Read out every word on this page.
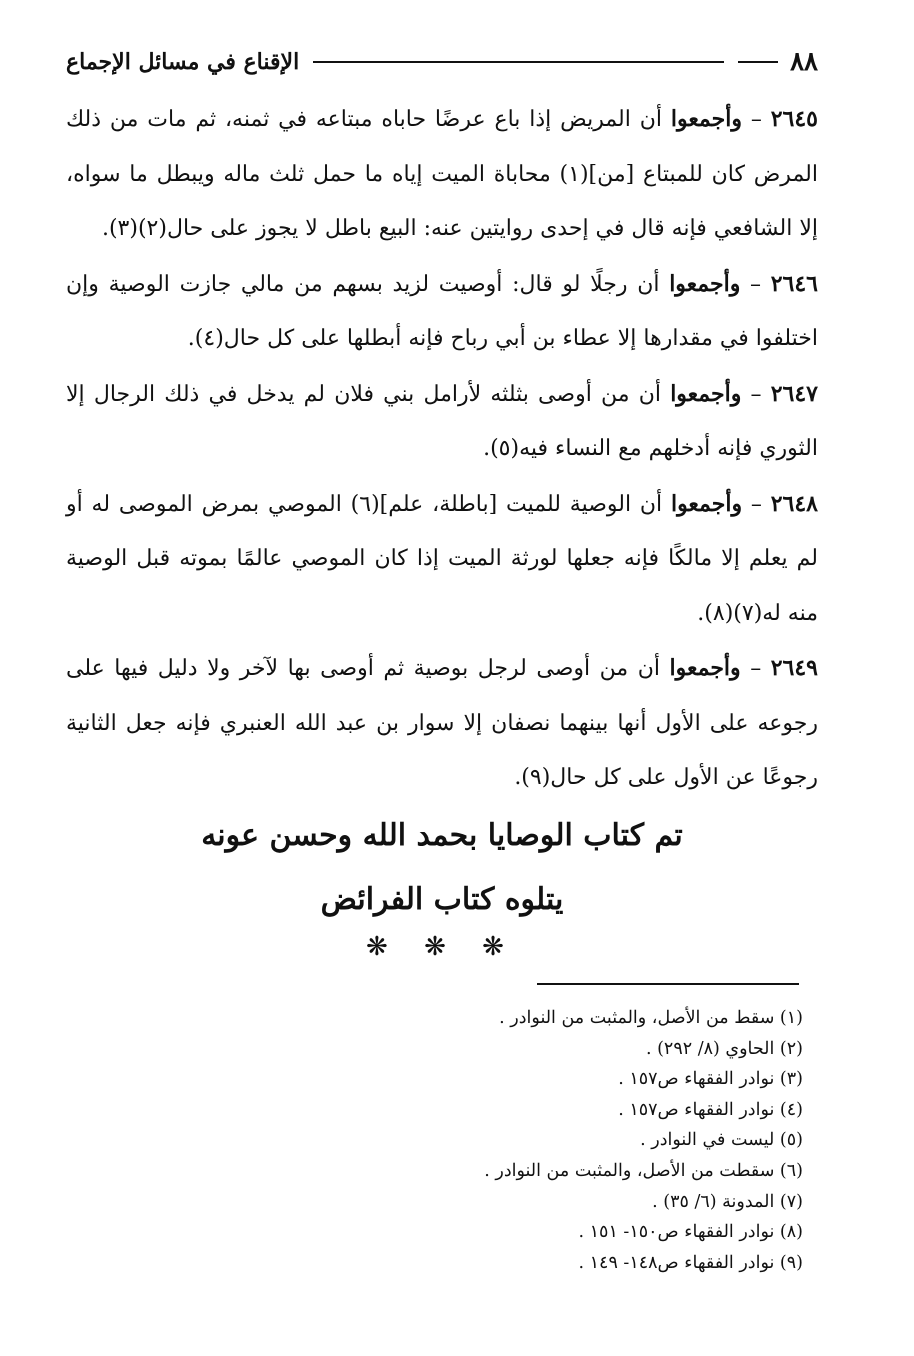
٨٨
الإقناع في مسائل الإجماع

٢٦٤٥ – وأجمعوا أن المريض إذا باع عرضًا حاباه مبتاعه في ثمنه، ثم مات من ذلك المرض كان للمبتاع [من](١) محاباة الميت إياه ما حمل ثلث ماله ويبطل ما سواه، إلا الشافعي فإنه قال في إحدى روايتين عنه: البيع باطل لا يجوز على حال(٢)(٣).

٢٦٤٦ – وأجمعوا أن رجلًا لو قال: أوصيت لزيد بسهم من مالي جازت الوصية وإن اختلفوا في مقدارها إلا عطاء بن أبي رباح فإنه أبطلها على كل حال(٤).

٢٦٤٧ – وأجمعوا أن من أوصى بثلثه لأرامل بني فلان لم يدخل في ذلك الرجال إلا الثوري فإنه أدخلهم مع النساء فيه(٥).

٢٦٤٨ – وأجمعوا أن الوصية للميت [باطلة، علم](٦) الموصي بمرض الموصى له أو لم يعلم إلا مالكًا فإنه جعلها لورثة الميت إذا كان الموصي عالمًا بموته قبل الوصية منه له(٧)(٨).

٢٦٤٩ – وأجمعوا أن من أوصى لرجل بوصية ثم أوصى بها لآخر ولا دليل فيها على رجوعه على الأول أنها بينهما نصفان إلا سوار بن عبد الله العنبري فإنه جعل الثانية رجوعًا عن الأول على كل حال(٩).

تم كتاب الوصايا بحمد الله وحسن عونه
يتلوه كتاب الفرائض
❋ ❋ ❋
(١) سقط من الأصل، والمثبت من النوادر .
(٢) الحاوي (٨/ ٢٩٢) .
(٣) نوادر الفقهاء ص١٥٧ .
(٤) نوادر الفقهاء ص١٥٧ .
(٥) ليست في النوادر .
(٦) سقطت من الأصل، والمثبت من النوادر .
(٧) المدونة (٦/ ٣٥) .
(٨) نوادر الفقهاء ص١٥٠- ١٥١ .
(٩) نوادر الفقهاء ص١٤٨- ١٤٩ .
